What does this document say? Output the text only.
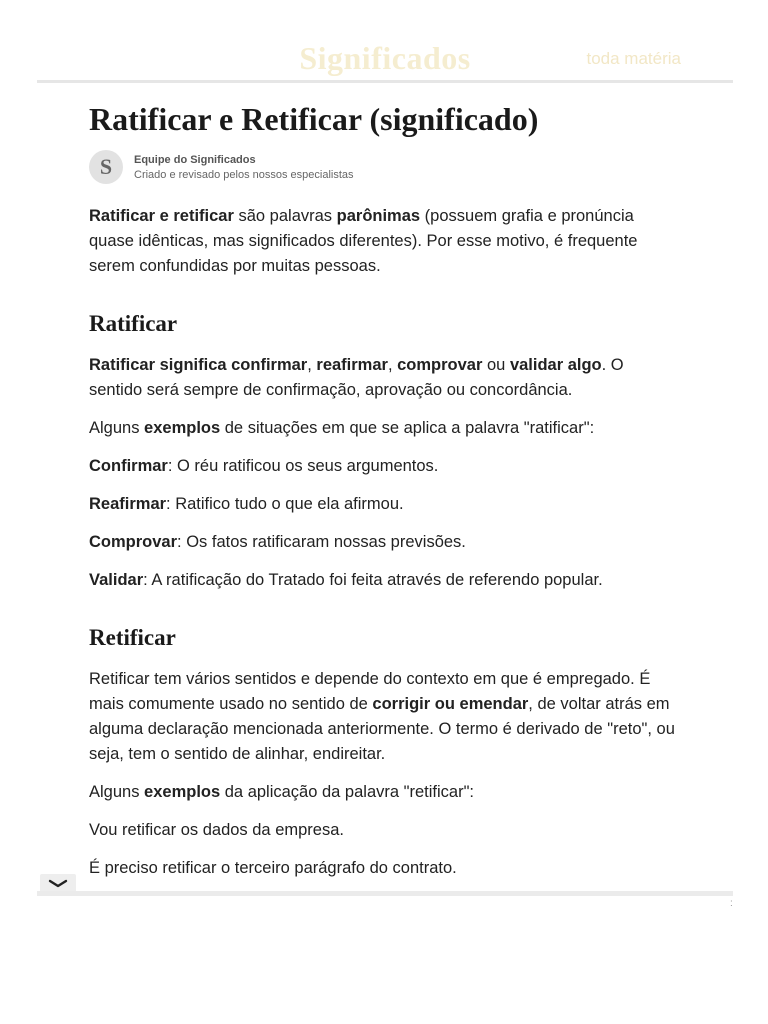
Significados	toda matéria
Ratificar e Retificar (significado)
S	Equipe do Significados
Criado e revisado pelos nossos especialistas

Ratificar e retificar são palavras parônimas (possuem grafia e pronúncia quase idênticas, mas significados diferentes). Por esse motivo, é frequente serem confundidas por muitas pessoas.

Ratificar

Ratificar significa confirmar, reafirmar, comprovar ou validar algo. O sentido será sempre de confirmação, aprovação ou concordância.

Alguns exemplos de situações em que se aplica a palavra "ratificar":

Confirmar: O réu ratificou os seus argumentos.

Reafirmar: Ratifico tudo o que ela afirmou.

Comprovar: Os fatos ratificaram nossas previsões.

Validar: A ratificação do Tratado foi feita através de referendo popular.

Retificar

Retificar tem vários sentidos e depende do contexto em que é empregado. É mais comumente usado no sentido de corrigir ou emendar, de voltar atrás em alguma declaração mencionada anteriormente. O termo é derivado de "reto", ou seja, tem o sentido de alinhar, endireitar.

Alguns exemplos da aplicação da palavra "retificar":

Vou retificar os dados da empresa.

É preciso retificar o terceiro parágrafo do contrato.

:
